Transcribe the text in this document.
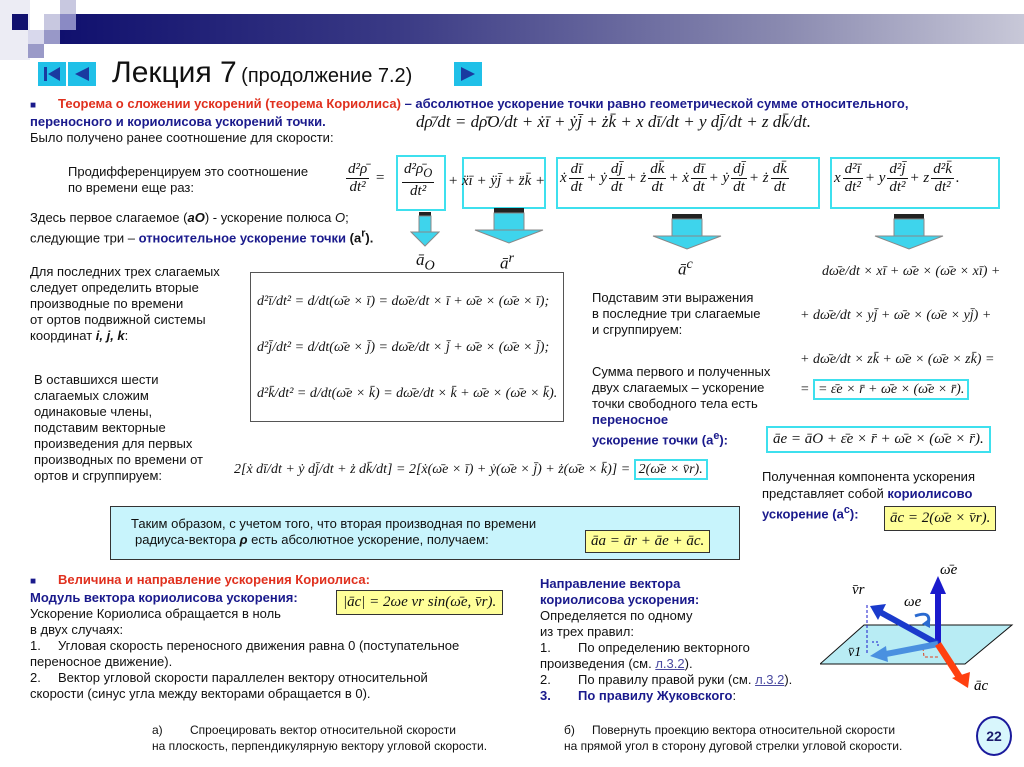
Лекция 7 (продолжение 7.2)
■ Теорема о сложении ускорений (теорема Кориолиса) – абсолютное ускорение точки равно геометрической сумме относительного,
переносного и кориолисова ускорений точки.
Было получено ранее соотношение для скорости:
dρ̄/dt = dρ̄O/dt + ẋī + ẏj̄ + żk̄ + x dī/dt + y dj̄/dt + z dk̄/dt.
Продифференцируем это соотношение
по времени еще раз:	$\frac{\text{d²ρ̄}}{\text{dt²}} = \frac{d^2\rhō_O}{\text{dt²}}$ + ẍī + ÿj̄ + z̈k̄ + ẋ $\frac{dī}{dt}$ + ẏ $\frac{dj̄}{dt}$ + ż $\frac{dk̄}{dt}$ + ẋ $\frac{dī}{dt}$ + ẏ $\frac{dj̄}{dt}$ + ż $\frac{dk̄}{dt}$	x $\frac{\text{d²ī}}{\text{dt²}} + y \frac{\text{d²j̄}}{\text{dt²}} + z \frac{\text{d²k̄}}{\text{dt²}}$ .
Здесь первое слагаемое (aO) - ускорение полюса O;
следующие три – относительное ускорение точки $(a^r)$.
$ā_O$	$ā^r$
$ā^c$
Для последних трех слагаемых
следует определить вторые
производные по времени
от ортов подвижной системы
координат i, j, k:
d²ī/dt² = d/dt(ω̄e × ī) = dω̄e/dt × ī + ω̄e × (ω̄e × ī);
d²j̄/dt² = d/dt(ω̄e × j̄) = dω̄e/dt × j̄ + ω̄e × (ω̄e × j̄);
d²k̄/dt² = d/dt(ω̄e × k̄) = dω̄e/dt × k̄ + ω̄e × (ω̄e × k̄).
Подставим эти выражения
в последние три слагаемые
и сгруппируем:
dω̄e/dt × xī + ω̄e × (ω̄e × xī) +
+ dω̄e/dt × yj̄ + ω̄e × (ω̄e × yj̄) +
+ dω̄e/dt × zk̄ + ω̄e × (ω̄e × zk̄) =
= = ε̄e × r̄ + ω̄e × (ω̄e × r̄).
Сумма первого и полученных
двух слагаемых – ускорение
точки свободного тела есть
переносное
ускорение точки $(a^e)$:	āe = āO + ε̄e × r̄ + ω̄e × (ω̄e × r̄).
В оставшихся шести
слагаемых сложим
одинаковые члены,
подставим векторные
произведения для первых
производных по времени от
ортов и сгруппируем:	2[ẋ dī/dt + ẏ dj̄/dt + ż dk̄/dt] = 2[ẋ(ω̄e × ī) + ẏ(ω̄e × j̄) + ż(ω̄e × k̄)] = 2(ω̄e × v̄r).	Полученная компонента ускорения
представляет собой кориолисово
ускорение $(a^c)$:	āc = 2(ω̄e × v̄r).
Таким образом, с учетом того, что вторая производная по времени
радиуса-вектора ρ есть абсолютное ускорение, получаем:	āa = ār + āe + āc.
■ Величина и направление ускорения Кориолиса:
Модуль вектора кориолисова ускорения:
Ускорение Кориолиса обращается в ноль
в двух случаях:
1. Угловая скорость переносного движения равна 0 (поступательное
переносное движение).
2. Вектор угловой скорости параллелен вектору относительной
скорости (синус угла между векторами обращается в 0).
|āc| = 2ωe vr sin(ω̄e, v̄r).
Направление вектора
кориолисова ускорения:
Определяется по одному
из трех правил:
1. По определению векторного
произведения (см. л.3.2).
2. По правилу правой руки (см. л.3.2).
3. По правилу Жуковского:
ω̄e
ωe
v̄r
v̄1
āc
а) Спроецировать вектор относительной скорости
на плоскость, перпендикулярную вектору угловой скорости.
б) Повернуть проекцию вектора относительной скорости
на прямой угол в сторону дуговой стрелки угловой скорости.
22
